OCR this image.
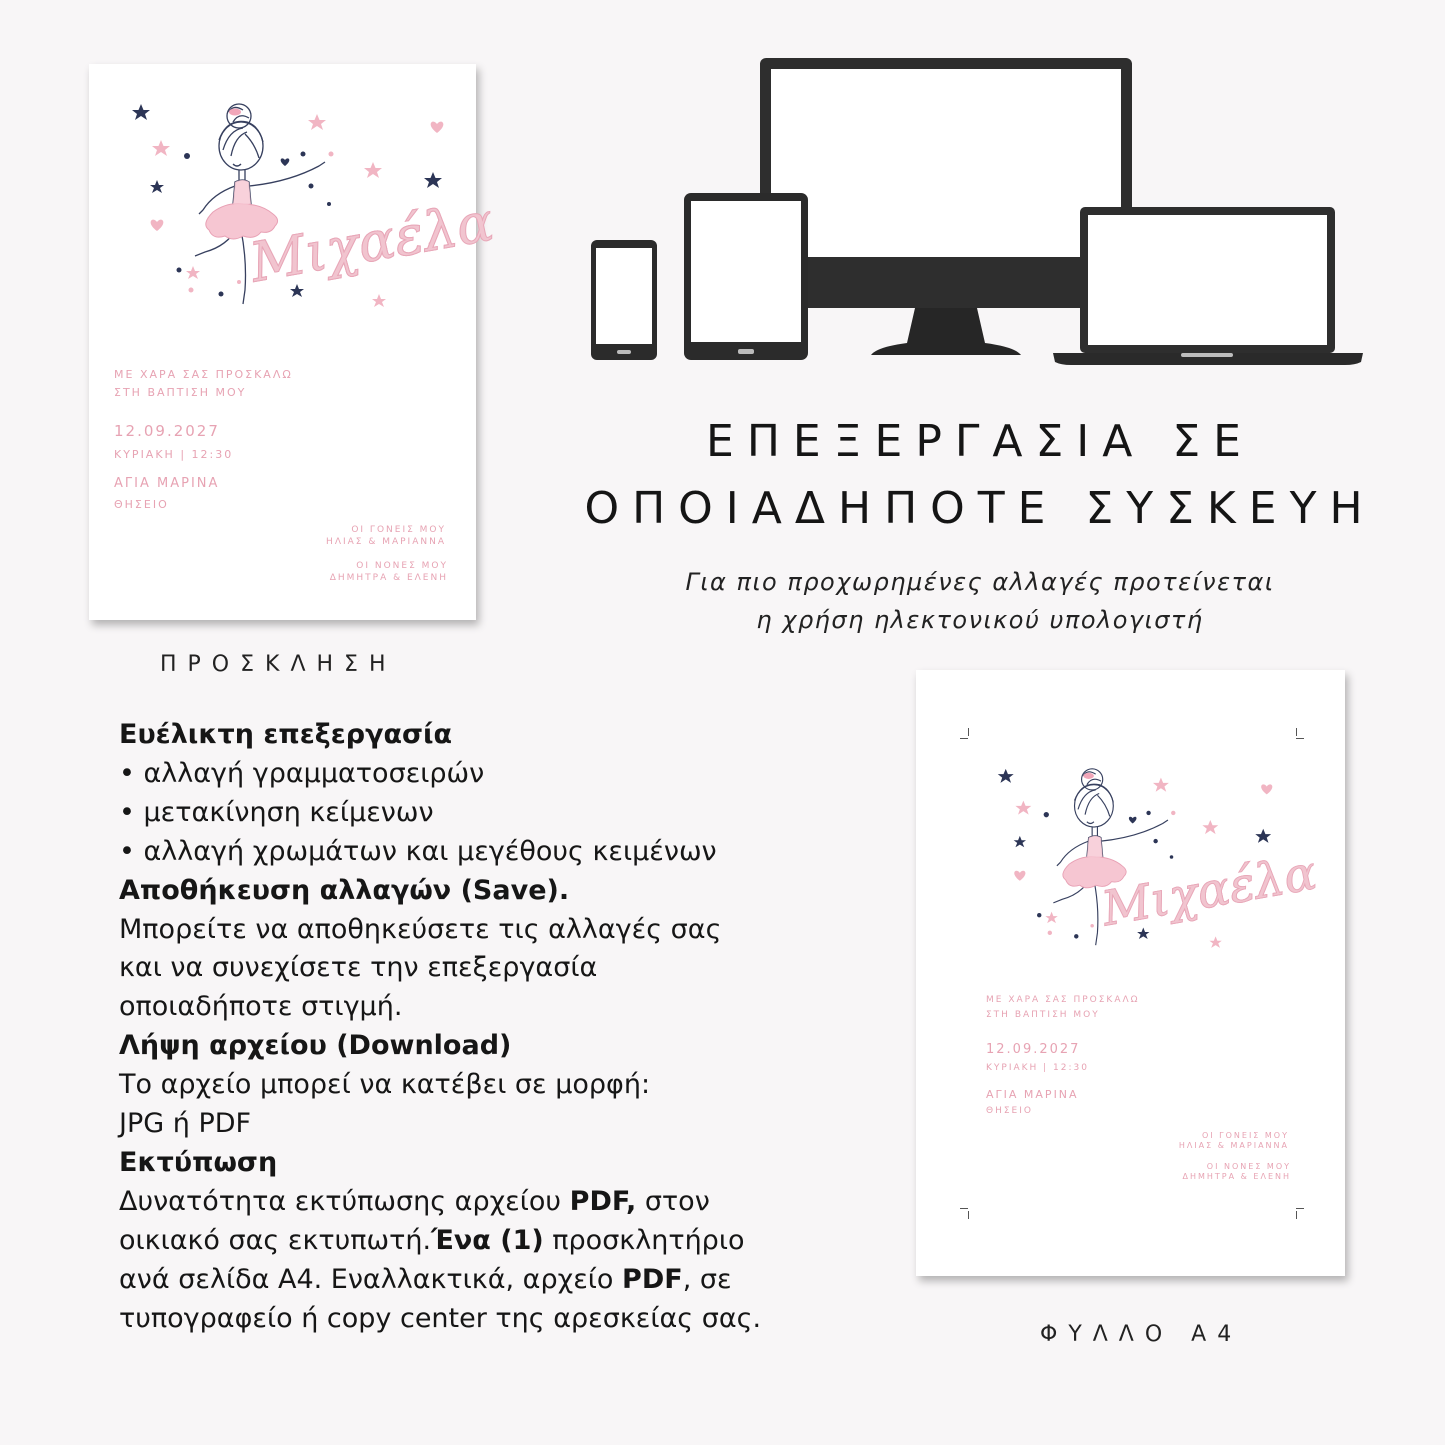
Μιχαέλα
ΜΕ ΧΑΡΑ ΣΑΣ ΠΡΟΣΚΑΛΩ
ΣΤΗ ΒΑΠΤΙΣΗ ΜΟΥ
12.09.2027
ΚΥΡΙΑΚΗ | 12:30
ΑΓΙΑ ΜΑΡΙΝΑ
ΘΗΣΕΙΟ
ΟΙ ΓΟΝΕΙΣ ΜΟΥ
ΗΛΙΑΣ & ΜΑΡΙΑΝΝΑ
ΟΙ ΝΟΝΕΣ ΜΟΥ
ΔΗΜΗΤΡΑ & ΕΛΕΝΗ
ΠΡΟΣΚΛΗΣΗ
ΕΠΕΞΕΡΓΑΣΙΑ ΣΕ
ΟΠΟΙΑΔΗΠΟΤΕ ΣΥΣΚΕΥΗ
Για πιο προχωρημένες αλλαγές προτείνεται
η χρήση ηλεκτονικού υπολογιστή
Μιχαέλα
ΜΕ ΧΑΡΑ ΣΑΣ ΠΡΟΣΚΑΛΩ
ΣΤΗ ΒΑΠΤΙΣΗ ΜΟΥ
12.09.2027
ΚΥΡΙΑΚΗ | 12:30
ΑΓΙΑ ΜΑΡΙΝΑ
ΘΗΣΕΙΟ
ΟΙ ΓΟΝΕΙΣ ΜΟΥ
ΗΛΙΑΣ & ΜΑΡΙΑΝΝΑ
ΟΙ ΝΟΝΕΣ ΜΟΥ
ΔΗΜΗΤΡΑ & ΕΛΕΝΗ
ΦΥΛΛΟ Α4
Ευέλικτη επεξεργασία
• αλλαγή γραμματοσειρών
• μετακίνηση κείμενων
• αλλαγή χρωμάτων και μεγέθους κειμένων
Αποθήκευση αλλαγών (Save).
Μπορείτε να αποθηκεύσετε τις αλλαγές σας
και να συνεχίσετε την επεξεργασία
οποιαδήποτε στιγμή.
Λήψη αρχείου (Download)
Το αρχείο μπορεί να κατέβει σε μορφή:
JPG ή PDF
Εκτύπωση
Δυνατότητα εκτύπωσης αρχείου PDF, στον
οικιακό σας εκτυπωτή.Ένα (1) προσκλητήριο
ανά σελίδα Α4. Εναλλακτικά, αρχείο PDF, σε
τυπογραφείο ή copy center της αρεσκείας σας.
